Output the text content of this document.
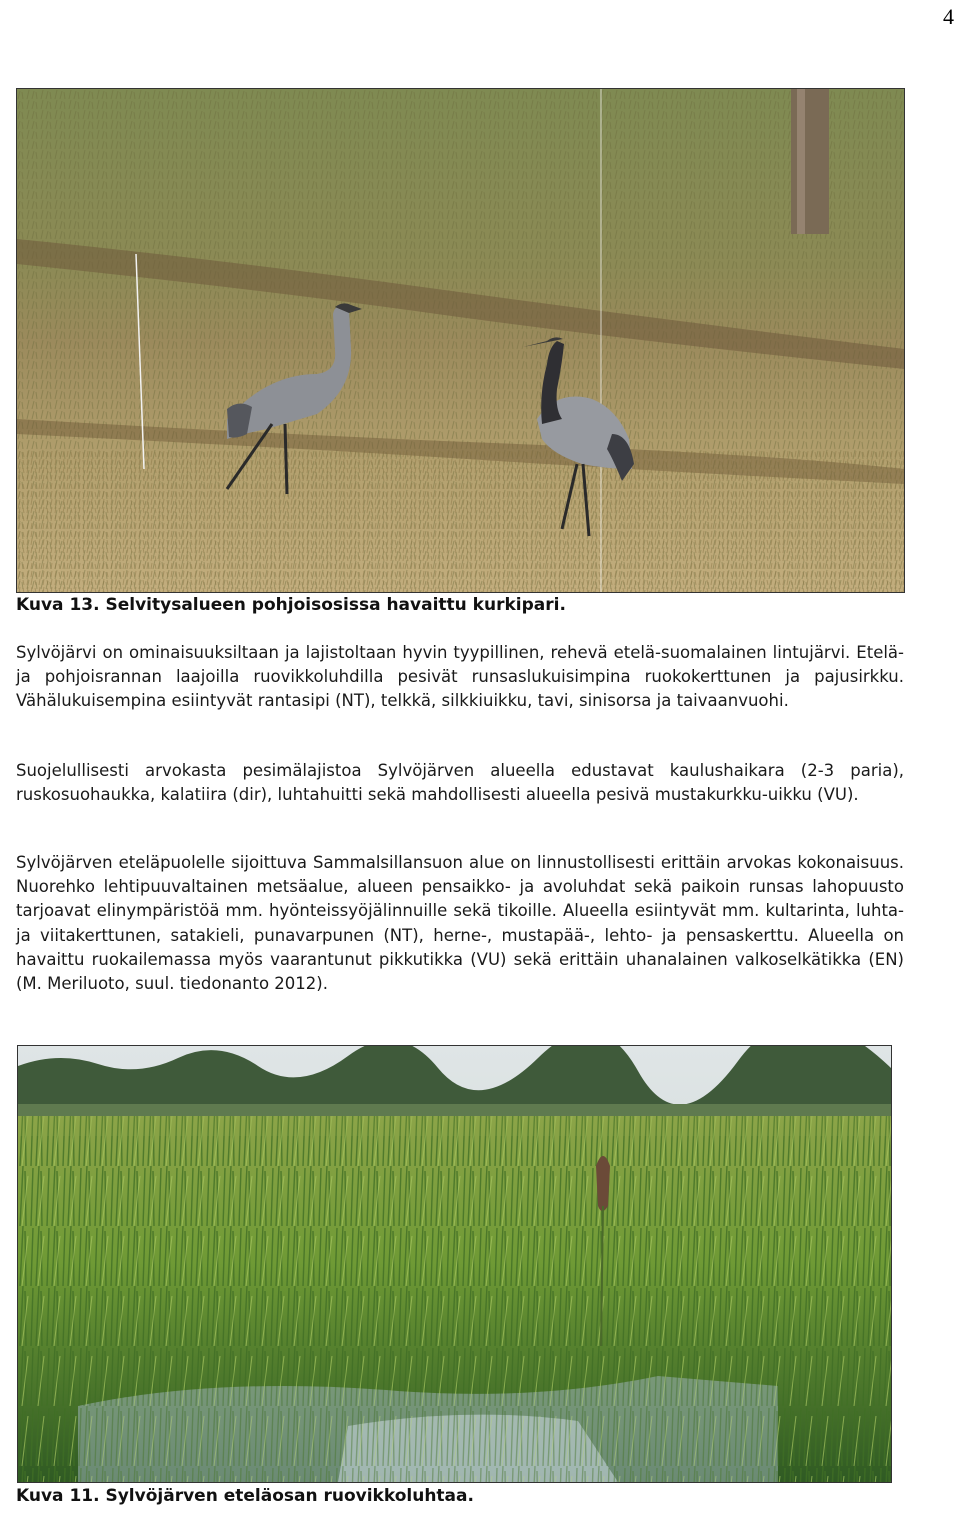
4
Kuva 13. Selvitysalueen pohjoisosissa havaittu kurkipari.

Sylvöjärvi on ominaisuuksiltaan ja lajistoltaan hyvin tyypillinen, rehevä etelä-suomalainen lintujärvi. Etelä- ja pohjoisrannan laajoilla ruovikkoluhdilla pesivät runsaslukuisimpina ruokokerttunen ja pajusirkku. Vähälukuisempina esiintyvät rantasipi (NT), telkkä, silkkiuikku, tavi, sinisorsa ja taivaanvuohi.

Suojelullisesti arvokasta pesimälajistoa Sylvöjärven alueella edustavat kaulushaikara (2-3 paria), ruskosuohaukka, kalatiira (dir), luhtahuitti sekä mahdollisesti alueella pesivä mustakurkku-uikku (VU).

Sylvöjärven eteläpuolelle sijoittuva Sammalsillansuon alue on linnustollisesti erittäin arvokas kokonaisuus. Nuorehko lehtipuuvaltainen metsäalue, alueen pensaikko- ja avoluhdat sekä paikoin runsas lahopuusto tarjoavat elinympäristöä mm. hyönteissyöjälinnuille sekä tikoille. Alueella esiintyvät mm. kultarinta, luhta- ja viitakerttunen, satakieli, punavarpunen (NT), herne-, mustapää-, lehto- ja pensaskerttu. Alueella on havaittu ruokailemassa myös vaarantunut pikkutikka (VU) sekä erittäin uhanalainen valkoselkätikka (EN)(M. Meriluoto, suul. tiedonanto 2012).

Kuva 11. Sylvöjärven eteläosan ruovikkoluhtaa.
